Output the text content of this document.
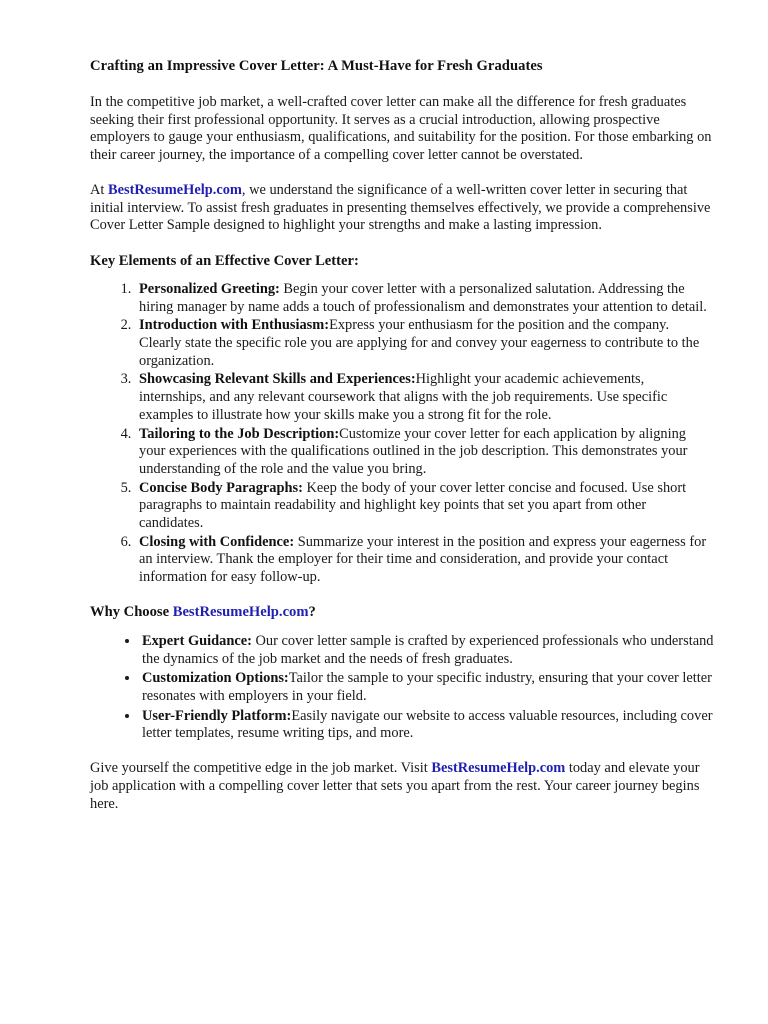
Crafting an Impressive Cover Letter: A Must-Have for Fresh Graduates

In the competitive job market, a well-crafted cover letter can make all the difference for fresh graduates seeking their first professional opportunity. It serves as a crucial introduction, allowing prospective employers to gauge your enthusiasm, qualifications, and suitability for the position. For those embarking on their career journey, the importance of a compelling cover letter cannot be overstated.

At BestResumeHelp.com, we understand the significance of a well-written cover letter in securing that initial interview. To assist fresh graduates in presenting themselves effectively, we provide a comprehensive Cover Letter Sample designed to highlight your strengths and make a lasting impression.

Key Elements of an Effective Cover Letter:
1. Personalized Greeting: Begin your cover letter with a personalized salutation. Addressing the hiring manager by name adds a touch of professionalism and demonstrates your attention to detail.
2. Introduction with Enthusiasm:Express your enthusiasm for the position and the company. Clearly state the specific role you are applying for and convey your eagerness to contribute to the organization.
3. Showcasing Relevant Skills and Experiences:Highlight your academic achievements, internships, and any relevant coursework that aligns with the job requirements. Use specific examples to illustrate how your skills make you a strong fit for the role.
4. Tailoring to the Job Description:Customize your cover letter for each application by aligning your experiences with the qualifications outlined in the job description. This demonstrates your understanding of the role and the value you bring.
5. Concise Body Paragraphs: Keep the body of your cover letter concise and focused. Use short paragraphs to maintain readability and highlight key points that set you apart from other candidates.
6. Closing with Confidence: Summarize your interest in the position and express your eagerness for an interview. Thank the employer for their time and consideration, and provide your contact information for easy follow-up.
Why Choose BestResumeHelp.com?
• Expert Guidance: Our cover letter sample is crafted by experienced professionals who understand the dynamics of the job market and the needs of fresh graduates.
• Customization Options:Tailor the sample to your specific industry, ensuring that your cover letter resonates with employers in your field.
• User-Friendly Platform:Easily navigate our website to access valuable resources, including cover letter templates, resume writing tips, and more.

Give yourself the competitive edge in the job market. Visit BestResumeHelp.com today and elevate your job application with a compelling cover letter that sets you apart from the rest. Your career journey begins here.
